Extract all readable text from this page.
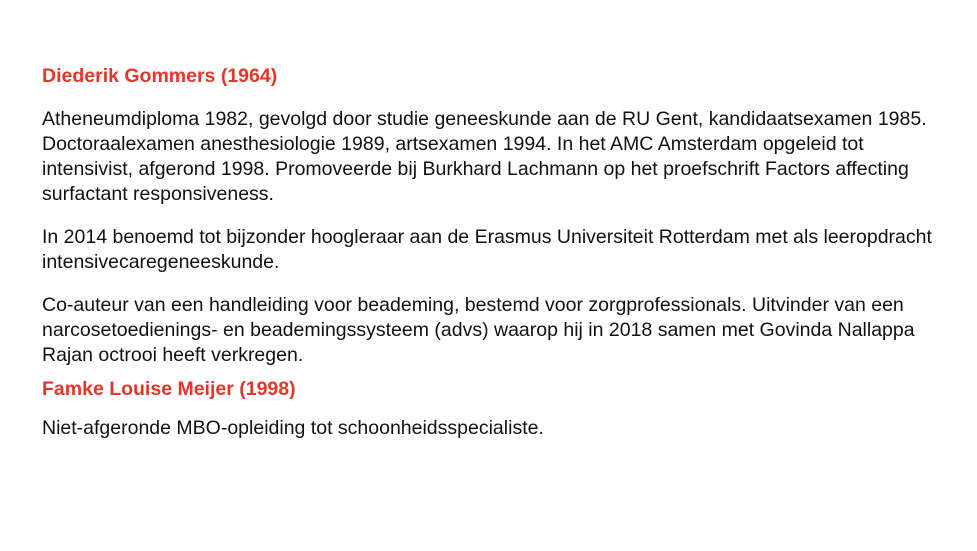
Diederik Gommers (1964)

Atheneumdiploma 1982, gevolgd door studie geneeskunde aan de RU Gent, kandidaatsexamen 1985. Doctoraalexamen anesthesiologie 1989, artsexamen 1994. In het AMC Amsterdam opgeleid tot intensivist, afgerond 1998. Promoveerde bij Burkhard Lachmann op het proefschrift Factors affecting surfactant responsiveness.

In 2014 benoemd tot bijzonder hoogleraar aan de Erasmus Universiteit Rotterdam met als leeropdracht intensivecaregeneeskunde.

Co-auteur van een handleiding voor beademing, bestemd voor zorgprofessionals. Uitvinder van een narcosetoedienings- en beademingssysteem (advs) waarop hij in 2018 samen met Govinda Nallappa Rajan octrooi heeft verkregen.

Famke Louise Meijer (1998)

Niet-afgeronde MBO-opleiding tot schoonheidsspecialiste.
